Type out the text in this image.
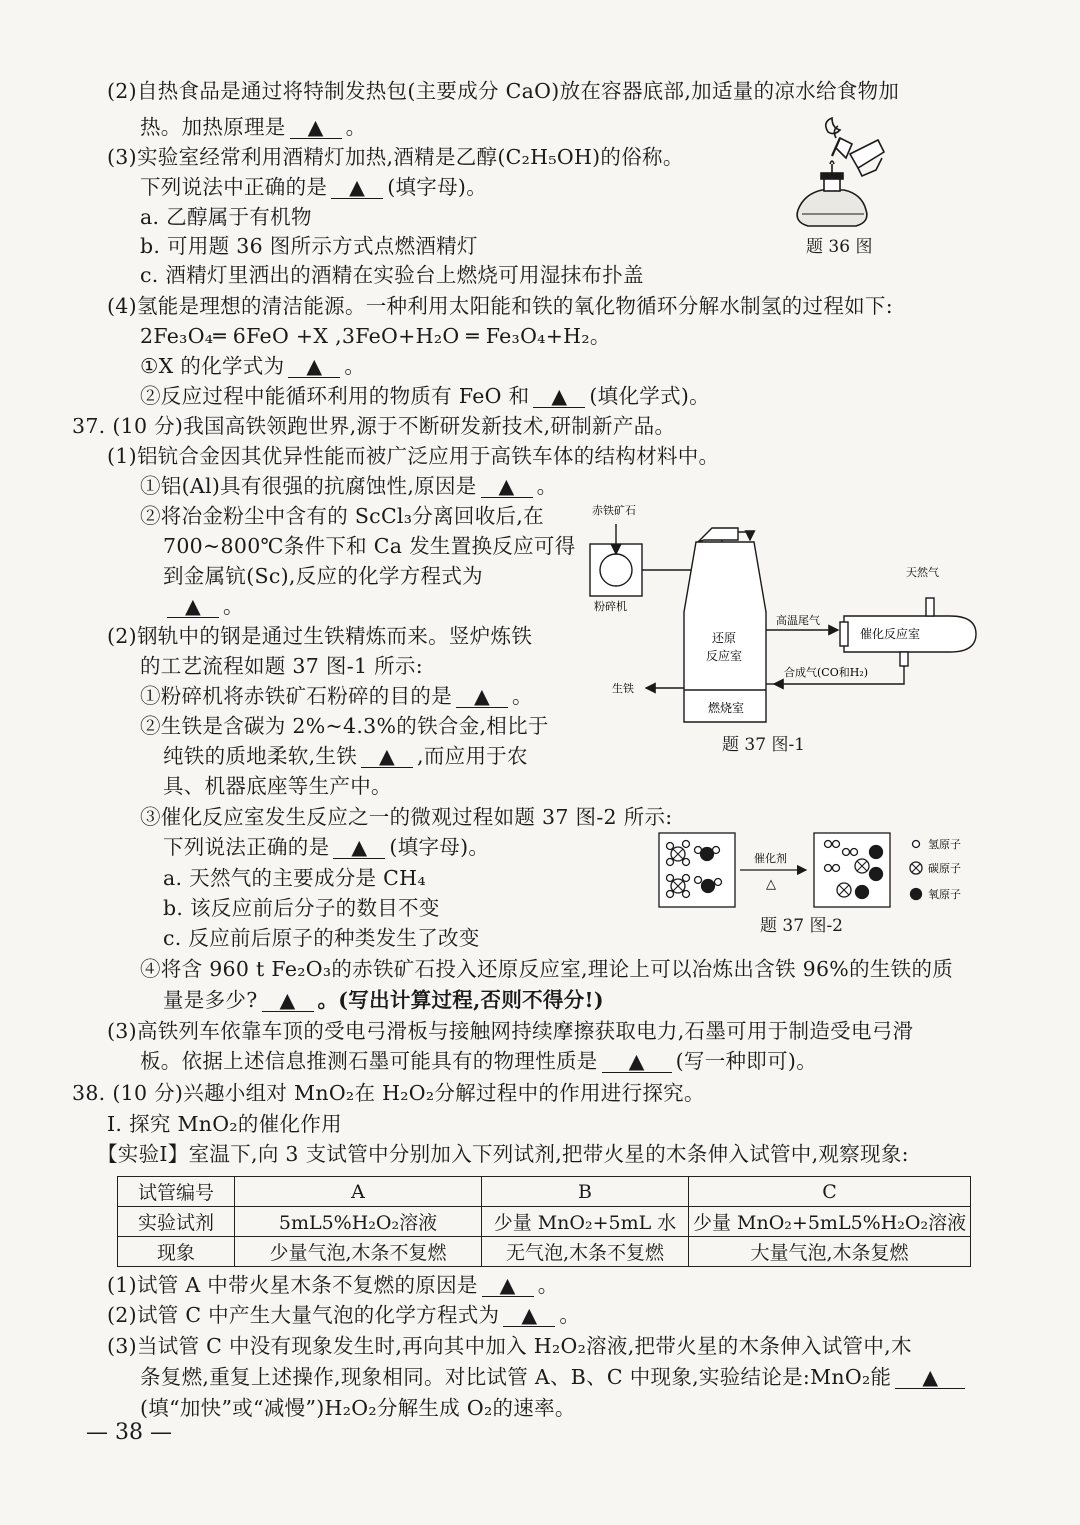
(2)自热食品是通过将特制发热包(主要成分 CaO)放在容器底部,加适量的凉水给食物加
热。加热原理是 ▲ 。
(3)实验室经常利用酒精灯加热,酒精是乙醇(C₂H₅OH)的俗称。
下列说法中正确的是 ▲ (填字母)。
a. 乙醇属于有机物
b. 可用题 36 图所示方式点燃酒精灯
c. 酒精灯里洒出的酒精在实验台上燃烧可用湿抹布扑盖
题 36 图
(4)氢能是理想的清洁能源。一种利用太阳能和铁的氧化物循环分解水制氢的过程如下:
2Fe₃O₄═ 6FeO +X ,3FeO+H₂O ═ Fe₃O₄+H₂。
①X 的化学式为 ▲ 。
②反应过程中能循环利用的物质有 FeO 和 ▲ (填化学式)。
37. (10 分)我国高铁领跑世界,源于不断研发新技术,研制新产品。
(1)铝钪合金因其优异性能而被广泛应用于高铁车体的结构材料中。
①铝(Al)具有很强的抗腐蚀性,原因是 ▲ 。
②将冶金粉尘中含有的 ScCl₃分离回收后,在
700~800℃条件下和 Ca 发生置换反应可得
到金属钪(Sc),反应的化学方程式为
▲ 。
(2)钢轨中的钢是通过生铁精炼而来。竖炉炼铁
的工艺流程如题 37 图-1 所示:
①粉碎机将赤铁矿石粉碎的目的是 ▲ 。
②生铁是含碳为 2%~4.3%的铁合金,相比于
纯铁的质地柔软,生铁 ▲ ,而应用于农
具、机器底座等生产中。
③催化反应室发生反应之一的微观过程如题 37 图-2 所示:
下列说法正确的是 ▲ (填字母)。
a. 天然气的主要成分是 CH₄
b. 该反应前后分子的数目不变
c. 反应前后原子的种类发生了改变
④将含 960 t Fe₂O₃的赤铁矿石投入还原反应室,理论上可以冶炼出含铁 96%的生铁的质
量是多少? ▲ 。(写出计算过程,否则不得分!)
(3)高铁列车依靠车顶的受电弓滑板与接触网持续摩擦获取电力,石墨可用于制造受电弓滑
板。依据上述信息推测石墨可能具有的物理性质是 ▲ (写一种即可)。
赤铁矿石
粉碎机
天然气
高温尾气
催化反应室
还原
反应室
合成气(CO和H₂)
生铁
燃烧室
题 37 图-1
催化剂
△
氢原子
碳原子
氧原子
题 37 图-2
38. (10 分)兴趣小组对 MnO₂在 H₂O₂分解过程中的作用进行探究。
Ⅰ. 探究 MnO₂的催化作用
【实验Ⅰ】室温下,向 3 支试管中分别加入下列试剂,把带火星的木条伸入试管中,观察现象:
试管编号	A	B	C
实验试剂	5mL5%H₂O₂溶液	少量 MnO₂+5mL 水	少量 MnO₂+5mL5%H₂O₂溶液
现象	少量气泡,木条不复燃	无气泡,木条不复燃	大量气泡,木条复燃
(1)试管 A 中带火星木条不复燃的原因是 ▲ 。
(2)试管 C 中产生大量气泡的化学方程式为 ▲ 。
(3)当试管 C 中没有现象发生时,再向其中加入 H₂O₂溶液,把带火星的木条伸入试管中,木
条复燃,重复上述操作,现象相同。对比试管 A、B、C 中现象,实验结论是:MnO₂能 ▲
(填“加快”或“减慢”)H₂O₂分解生成 O₂的速率。
— 38 —
